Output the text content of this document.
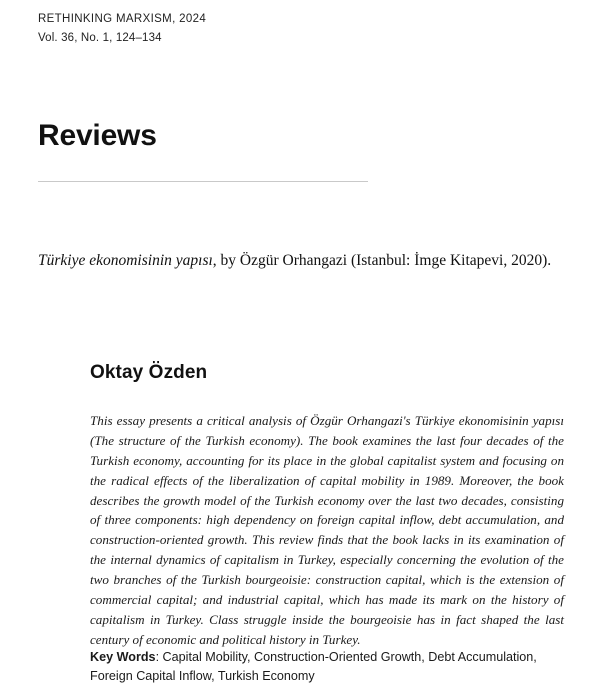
RETHINKING MARXISM, 2024
Vol. 36, No. 1, 124–134
Reviews
Türkiye ekonomisinin yapısı, by Özgür Orhangazi (Istanbul: İmge Kitapevi, 2020).
Oktay Özden
This essay presents a critical analysis of Özgür Orhangazi's Türkiye ekonomisinin yapısı (The structure of the Turkish economy). The book examines the last four decades of the Turkish economy, accounting for its place in the global capitalist system and focusing on the radical effects of the liberalization of capital mobility in 1989. Moreover, the book describes the growth model of the Turkish economy over the last two decades, consisting of three components: high dependency on foreign capital inflow, debt accumulation, and construction-oriented growth. This review finds that the book lacks in its examination of the internal dynamics of capitalism in Turkey, especially concerning the evolution of the two branches of the Turkish bourgeoisie: construction capital, which is the extension of commercial capital; and industrial capital, which has made its mark on the history of capitalism in Turkey. Class struggle inside the bourgeoisie has in fact shaped the last century of economic and political history in Turkey.
Key Words: Capital Mobility, Construction-Oriented Growth, Debt Accumulation, Foreign Capital Inflow, Turkish Economy
